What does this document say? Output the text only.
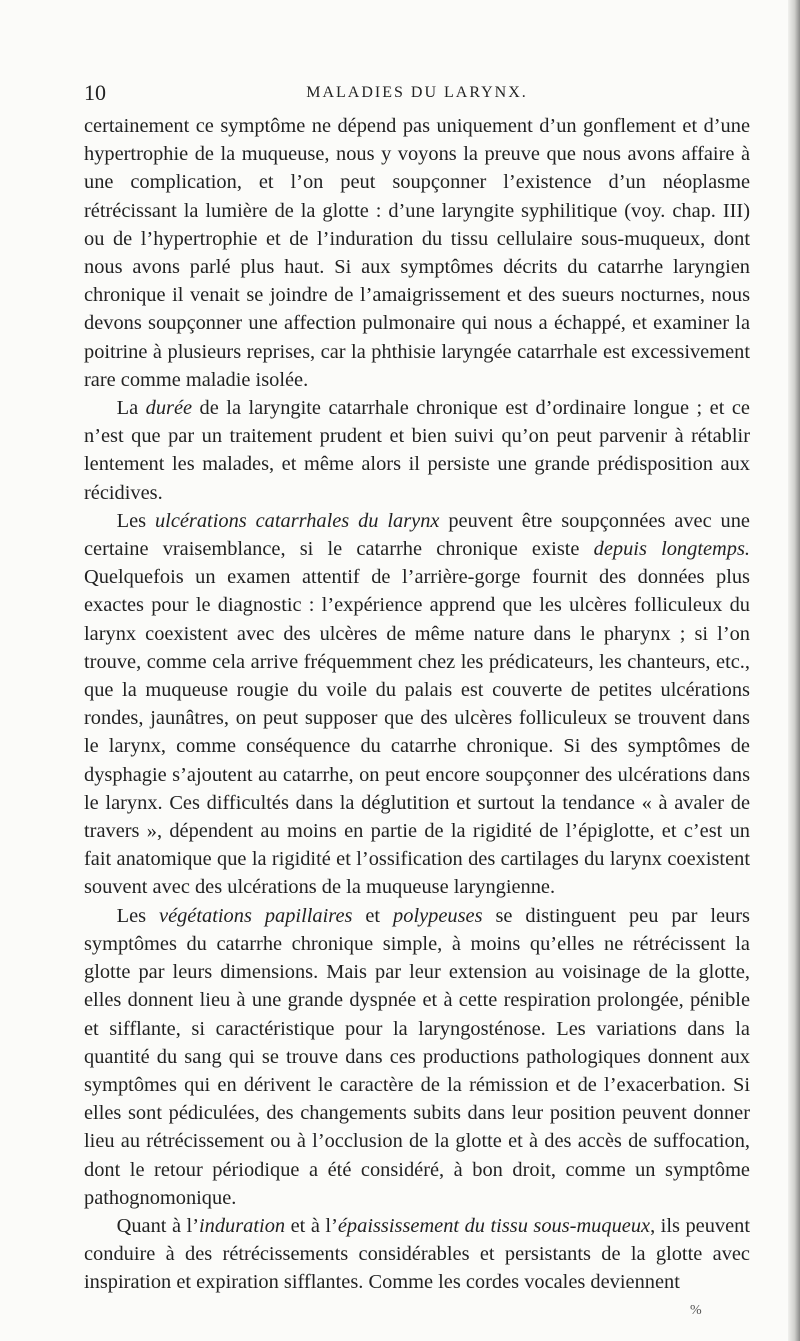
10	MALADIES DU LARYNX.

certainement ce symptôme ne dépend pas uniquement d’un gonflement et d’une hypertrophie de la muqueuse, nous y voyons la preuve que nous avons affaire à une complication, et l’on peut soupçonner l’existence d’un néoplasme rétrécissant la lumière de la glotte : d’une laryngite syphilitique (voy. chap. III) ou de l’hypertrophie et de l’induration du tissu cellulaire sous-muqueux, dont nous avons parlé plus haut. Si aux symptômes décrits du catarrhe laryngien chronique il venait se joindre de l’amaigrissement et des sueurs nocturnes, nous devons soupçonner une affection pulmonaire qui nous a échappé, et examiner la poitrine à plusieurs reprises, car la phthisie laryngée catarrhale est excessivement rare comme maladie isolée.

La durée de la laryngite catarrhale chronique est d’ordinaire longue ; et ce n’est que par un traitement prudent et bien suivi qu’on peut parvenir à rétablir lentement les malades, et même alors il persiste une grande prédisposition aux récidives.

Les ulcérations catarrhales du larynx peuvent être soupçonnées avec une certaine vraisemblance, si le catarrhe chronique existe depuis longtemps. Quelquefois un examen attentif de l’arrière-gorge fournit des données plus exactes pour le diagnostic : l’expérience apprend que les ulcères folliculeux du larynx coexistent avec des ulcères de même nature dans le pharynx ; si l’on trouve, comme cela arrive fréquemment chez les prédicateurs, les chanteurs, etc., que la muqueuse rougie du voile du palais est couverte de petites ulcérations rondes, jaunâtres, on peut supposer que des ulcères folliculeux se trouvent dans le larynx, comme conséquence du catarrhe chronique. Si des symptômes de dysphagie s’ajoutent au catarrhe, on peut encore soupçonner des ulcérations dans le larynx. Ces difficultés dans la déglutition et surtout la tendance « à avaler de travers », dépendent au moins en partie de la rigidité de l’épiglotte, et c’est un fait anatomique que la rigidité et l’ossification des cartilages du larynx coexistent souvent avec des ulcérations de la muqueuse laryngienne.

Les végétations papillaires et polypeuses se distinguent peu par leurs symptômes du catarrhe chronique simple, à moins qu’elles ne rétrécissent la glotte par leurs dimensions. Mais par leur extension au voisinage de la glotte, elles donnent lieu à une grande dyspnée et à cette respiration prolongée, pénible et sifflante, si caractéristique pour la laryngosténose. Les variations dans la quantité du sang qui se trouve dans ces productions pathologiques donnent aux symptômes qui en dérivent le caractère de la rémission et de l’exacerbation. Si elles sont pédiculées, des changements subits dans leur position peuvent donner lieu au rétrécissement ou à l’occlusion de la glotte et à des accès de suffocation, dont le retour périodique a été considéré, à bon droit, comme un symptôme pathognomonique.

Quant à l’induration et à l’épaississement du tissu sous-muqueux, ils peuvent conduire à des rétrécissements considérables et persistants de la glotte avec inspiration et expiration sifflantes. Comme les cordes vocales deviennent

%
